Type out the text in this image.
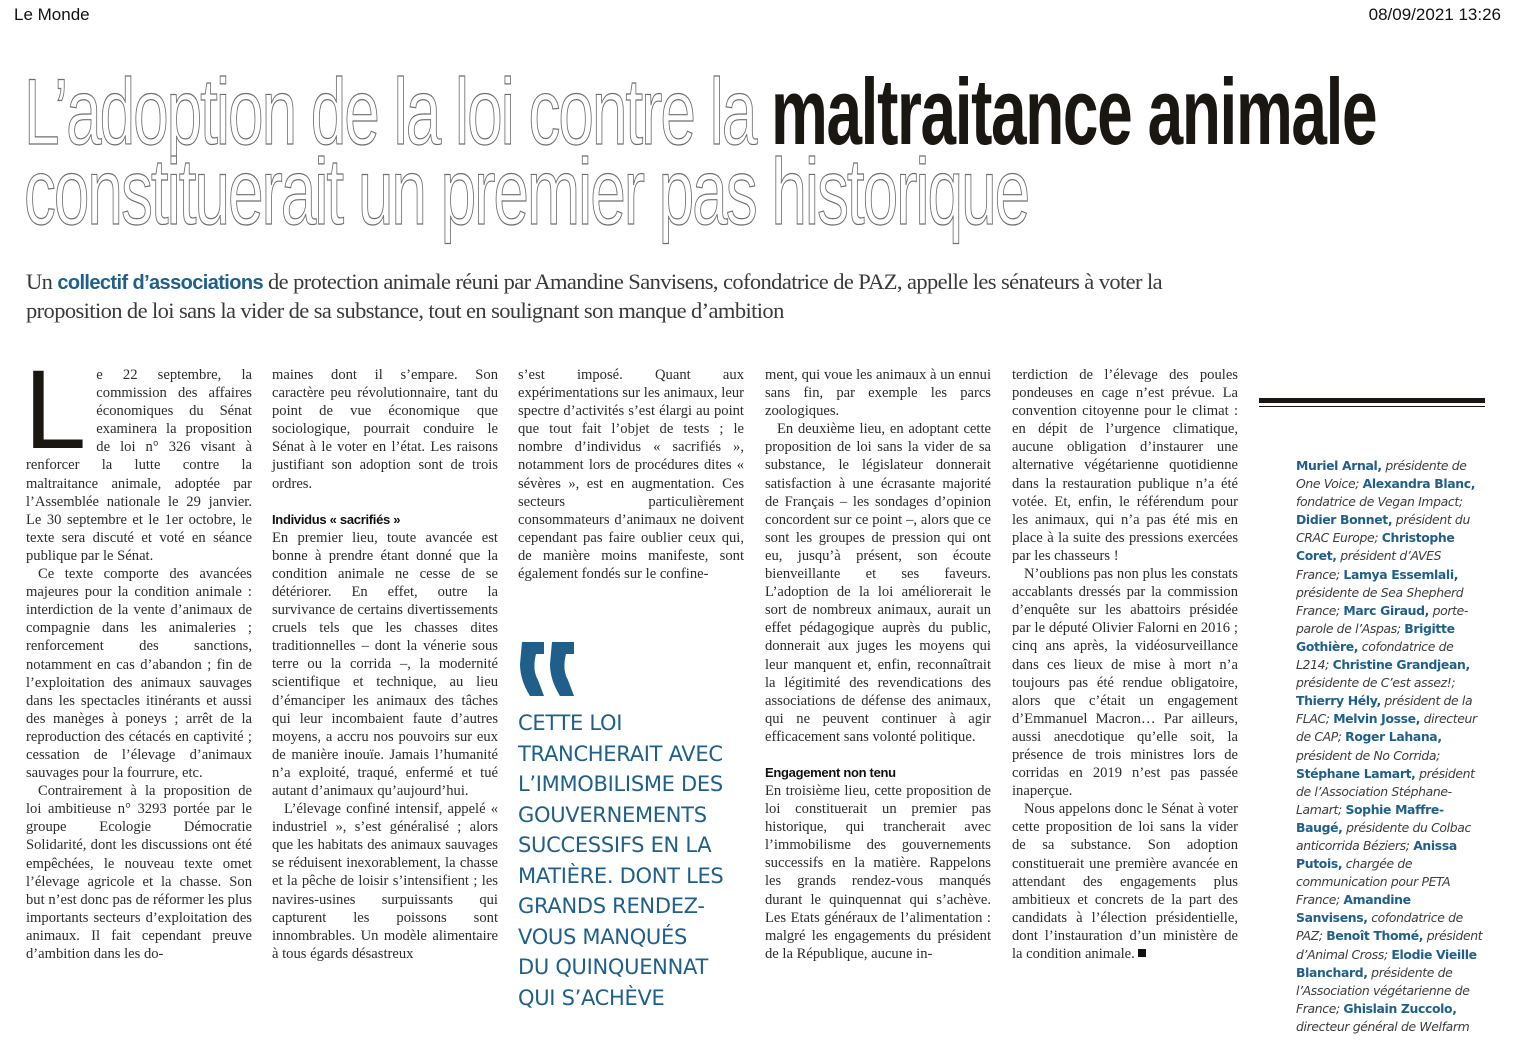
Le Monde	08/09/2021 13:26
L’adoption de la loi contre la maltraitance animale
constituerait un premier pas historique
Un collectif d’associations de protection animale réuni par Amandine Sanvisens, cofondatrice de PAZ, appelle les sénateurs à voter la proposition de loi sans la vider de sa substance, tout en soulignant son manque d’ambition

Le 22 septembre, la commission des affaires économiques du Sénat examinera la proposition de loi n° 326 visant à renforcer la lutte contre la maltraitance animale, adoptée par l’Assemblée nationale le 29 janvier. Le 30 septembre et le 1er octobre, le texte sera discuté et voté en séance publique par le Sénat.

Ce texte comporte des avancées majeures pour la condition animale : interdiction de la vente d’animaux de compagnie dans les animaleries ; renforcement des sanctions, notamment en cas d’abandon ; fin de l’exploitation des animaux sauvages dans les spectacles itinérants et aussi des manèges à poneys ; arrêt de la reproduction des cétacés en captivité ; cessation de l’élevage d’animaux sauvages pour la fourrure, etc.

Contrairement à la proposition de loi ambitieuse n° 3293 portée par le groupe Ecologie Démocratie Solidarité, dont les discussions ont été empêchées, le nouveau texte omet l’élevage agricole et la chasse. Son but n’est donc pas de réformer les plus importants secteurs d’exploitation des animaux. Il fait cependant preuve d’ambition dans les do-

maines dont il s’empare. Son caractère peu révolutionnaire, tant du point de vue économique que sociologique, pourrait conduire le Sénat à le voter en l’état. Les raisons justifiant son adoption sont de trois ordres.

Individus « sacrifiés »

En premier lieu, toute avancée est bonne à prendre étant donné que la condition animale ne cesse de se détériorer. En effet, outre la survivance de certains divertissements cruels tels que les chasses dites traditionnelles – dont la vénerie sous terre ou la corrida –, la modernité scientifique et technique, au lieu d’émanciper les animaux des tâches qui leur incombaient faute d’autres moyens, a accru nos pouvoirs sur eux de manière inouïe. Jamais l’humanité n’a exploité, traqué, enfermé et tué autant d’animaux qu’aujourd’hui.

L’élevage confiné intensif, appelé « industriel », s’est généralisé ; alors que les habitats des animaux sauvages se réduisent inexorablement, la chasse et la pêche de loisir s’intensifient ; les navires-usines surpuissants qui capturent les poissons sont innombrables. Un modèle alimentaire à tous égards désastreux

s’est imposé. Quant aux expérimentations sur les animaux, leur spectre d’activités s’est élargi au point que tout fait l’objet de tests ; le nombre d’individus « sacrifiés », notamment lors de procédures dites « sévères », est en augmentation. Ces secteurs particulièrement consommateurs d’animaux ne doivent cependant pas faire oublier ceux qui, de manière moins manifeste, sont également fondés sur le confine-

CETTE LOI
TRANCHERAIT AVEC
L’IMMOBILISME DES
GOUVERNEMENTS
SUCCESSIFS EN LA
MATIÈRE. DONT LES
GRANDS RENDEZ-
VOUS MANQUÉS
DU QUINQUENNAT
QUI S’ACHÈVE

ment, qui voue les animaux à un ennui sans fin, par exemple les parcs zoologiques.

En deuxième lieu, en adoptant cette proposition de loi sans la vider de sa substance, le législateur donnerait satisfaction à une écrasante majorité de Français – les sondages d’opinion concordent sur ce point –, alors que ce sont les groupes de pression qui ont eu, jusqu’à présent, son écoute bienveillante et ses faveurs. L’adoption de la loi améliorerait le sort de nombreux animaux, aurait un effet pédagogique auprès du public, donnerait aux juges les moyens qui leur manquent et, enfin, reconnaîtrait la légitimité des revendications des associations de défense des animaux, qui ne peuvent continuer à agir efficacement sans volonté politique.

Engagement non tenu

En troisième lieu, cette proposition de loi constituerait un premier pas historique, qui trancherait avec l’immobilisme des gouvernements successifs en la matière. Rappelons les grands rendez-vous manqués durant le quinquennat qui s’achève. Les Etats généraux de l’alimentation : malgré les engagements du président de la République, aucune in-

terdiction de l’élevage des poules pondeuses en cage n’est prévue. La convention citoyenne pour le climat : en dépit de l’urgence climatique, aucune obligation d’instaurer une alternative végétarienne quotidienne dans la restauration publique n’a été votée. Et, enfin, le référendum pour les animaux, qui n’a pas été mis en place à la suite des pressions exercées par les chasseurs !

N’oublions pas non plus les constats accablants dressés par la commission d’enquête sur les abattoirs présidée par le député Olivier Falorni en 2016 ; cinq ans après, la vidéosurveillance dans ces lieux de mise à mort n’a toujours pas été rendue obligatoire, alors que c’était un engagement d’Emmanuel Macron… Par ailleurs, aussi anecdotique qu’elle soit, la présence de trois ministres lors de corridas en 2019 n’est pas passée inaperçue.

Nous appelons donc le Sénat à voter cette proposition de loi sans la vider de sa substance. Son adoption constituerait une première avancée en attendant des engagements plus ambitieux et concrets de la part des candidats à l’élection présidentielle, dont l’instauration d’un ministère de la condition animale.

Muriel Arnal, présidente de One Voice; Alexandra Blanc, fondatrice de Vegan Impact; Didier Bonnet, président du CRAC Europe; Christophe Coret, président d’AVES France; Lamya Essemlali, présidente de Sea Shepherd France; Marc Giraud, porte-parole de l’Aspas; Brigitte Gothière, cofondatrice de L214; Christine Grandjean, présidente de C’est assez!; Thierry Hély, président de la FLAC; Melvin Josse, directeur de CAP; Roger Lahana, président de No Corrida; Stéphane Lamart, président de l’Association Stéphane-Lamart; Sophie Maffre-Baugé, présidente du Colbac anticorrida Béziers; Anissa Putois, chargée de communication pour PETA France; Amandine Sanvisens, cofondatrice de PAZ; Benoît Thomé, président d’Animal Cross; Elodie Vieille Blanchard, présidente de l’Association végétarienne de France; Ghislain Zuccolo, directeur général de Welfarm
